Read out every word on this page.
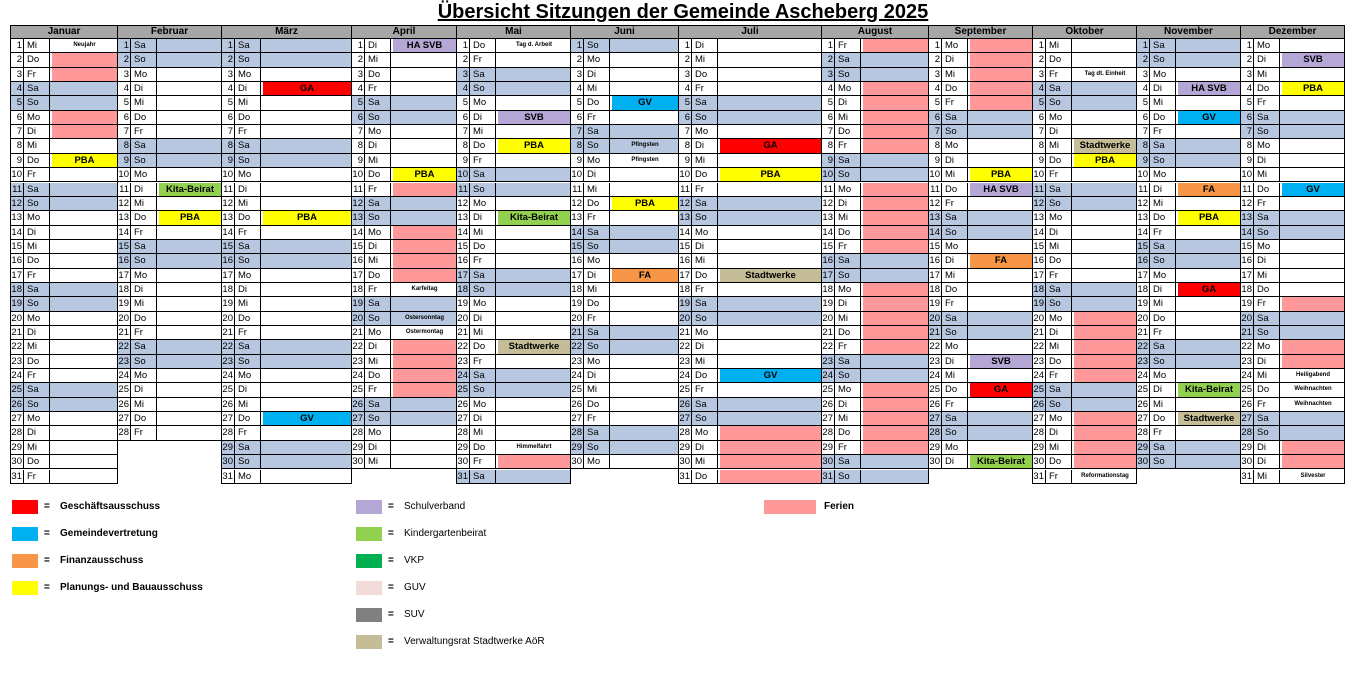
Übersicht Sitzungen der Gemeinde Ascheberg 2025
Januar
1 Mi	Neujahr
2 Do
3 Fr
4 Sa
5 So
6 Mo
7 Di
8 Mi
9 Do	PBA
10 Fr
11 Sa
12 So
13 Mo
14 Di
15 Mi
16 Do
17 Fr
18 Sa
19 So
20 Mo
21 Di
22 Mi
23 Do
24 Fr
25 Sa
26 So
27 Mo
28 Di
29 Mi
30 Do
31 Fr
Februar
1 Sa
2 So
3 Mo
4 Di
5 Mi
6 Do
7 Fr
8 Sa
9 So
10 Mo
11 Di	Kita-Beirat
12 Mi
13 Do	PBA
14 Fr
15 Sa
16 So
17 Mo
18 Di
19 Mi
20 Do
21 Fr
22 Sa
23 So
24 Mo
25 Di
26 Mi
27 Do
28 Fr
März
1 Sa
2 So
3 Mo
4 Di	GA
5 Mi
6 Do
7 Fr
8 Sa
9 So
10 Mo
11 Di
12 Mi
13 Do	PBA
14 Fr
15 Sa
16 So
17 Mo
18 Di
19 Mi
20 Do
21 Fr
22 Sa
23 So
24 Mo
25 Di
26 Mi
27 Do	GV
28 Fr
29 Sa
30 So
31 Mo
April
1 Di	HA SVB
2 Mi
3 Do
4 Fr
5 Sa
6 So
7 Mo
8 Di
9 Mi
10 Do	PBA
11 Fr
12 Sa
13 So
14 Mo
15 Di
16 Mi
17 Do
18 Fr	Karfeitag
19 Sa
20 So	Ostersonntag
21 Mo	Ostermontag
22 Di
23 Mi
24 Do
25 Fr
26 Sa
27 So
28 Mo
29 Di
30 Mi
Mai
1 Do	Tag d. Arbeit
2 Fr
3 Sa
4 So
5 Mo
6 Di	SVB
7 Mi
8 Do	PBA
9 Fr
10 Sa
11 So
12 Mo
13 Di	Kita-Beirat
14 Mi
15 Do
16 Fr
17 Sa
18 So
19 Mo
20 Di
21 Mi
22 Do	Stadtwerke
23 Fr
24 Sa
25 So
26 Mo
27 Di
28 Mi
29 Do	Himmelfahrt
30 Fr
31 Sa
Juni
1 So
2 Mo
3 Di
4 Mi
5 Do	GV
6 Fr
7 Sa
8 So	Pfingsten
9 Mo	Pfingsten
10 Di
11 Mi
12 Do	PBA
13 Fr
14 Sa
15 So
16 Mo
17 Di	FA
18 Mi
19 Do
20 Fr
21 Sa
22 So
23 Mo
24 Di
25 Mi
26 Do
27 Fr
28 Sa
29 So
30 Mo
Juli
1 Di
2 Mi
3 Do
4 Fr
5 Sa
6 So
7 Mo
8 Di	GA
9 Mi
10 Do	PBA
11 Fr
12 Sa
13 So
14 Mo
15 Di
16 Mi
17 Do	Stadtwerke
18 Fr
19 Sa
20 So
21 Mo
22 Di
23 Mi
24 Do	GV
25 Fr
26 Sa
27 So
28 Mo
29 Di
30 Mi
31 Do
August
1 Fr
2 Sa
3 So
4 Mo
5 Di
6 Mi
7 Do
8 Fr
9 Sa
10 So
11 Mo
12 Di
13 Mi
14 Do
15 Fr
16 Sa
17 So
18 Mo
19 Di
20 Mi
21 Do
22 Fr
23 Sa
24 So
25 Mo
26 Di
27 Mi
28 Do
29 Fr
30 Sa
31 So
September
1 Mo
2 Di
3 Mi
4 Do
5 Fr
6 Sa
7 So
8 Mo
9 Di
10 Mi	PBA
11 Do	HA SVB
12 Fr
13 Sa
14 So
15 Mo
16 Di	FA
17 Mi
18 Do
19 Fr
20 Sa
21 So
22 Mo
23 Di	SVB
24 Mi
25 Do	GA
26 Fr
27 Sa
28 So
29 Mo
30 Di	Kita-Beirat
Oktober
1 Mi
2 Do
3 Fr	Tag dt. Einheit
4 Sa
5 So
6 Mo
7 Di
8 Mi	Stadtwerke
9 Do	PBA
10 Fr
11 Sa
12 So
13 Mo
14 Di
15 Mi
16 Do
17 Fr
18 Sa
19 So
20 Mo
21 Di
22 Mi
23 Do
24 Fr
25 Sa
26 So
27 Mo
28 Di
29 Mi
30 Do
31 Fr	Reformationstag
November
1 Sa
2 So
3 Mo
4 Di	HA SVB
5 Mi
6 Do	GV
7 Fr
8 Sa
9 So
10 Mo
11 Di	FA
12 Mi
13 Do	PBA
14 Fr
15 Sa
16 So
17 Mo
18 Di	GA
19 Mi
20 Do
21 Fr
22 Sa
23 So
24 Mo
25 Di	Kita-Beirat
26 Mi
27 Do	Stadtwerke
28 Fr
29 Sa
30 So
Dezember
1 Mo
2 Di	SVB
3 Mi
4 Do	PBA
5 Fr
6 Sa
7 So
8 Mo
9 Di
10 Mi
11 Do	GV
12 Fr
13 Sa
14 So
15 Mo
16 Di
17 Mi
18 Do
19 Fr
20 Sa
21 So
22 Mo
23 Di
24 Mi	Heiligabend
25 Do	Weihnachten
26 Fr	Weihnachten
27 Sa
28 So
29 Di
30 Di
31 Mi	Silvester
= Geschäftsausschuss
= Gemeindevertretung
= Finanzausschuss
= Planungs- und Bauausschuss
= Schulverband
= Kindergartenbeirat
= VKP
= GUV
= SUV
= Verwaltungsrat Stadtwerke AöR
Ferien
